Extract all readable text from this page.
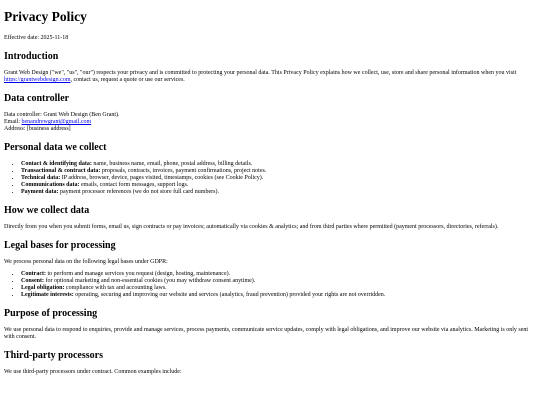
Privacy Policy

Effective date: 2025-11-18

Introduction

Grant Web Design ("we", "us", "our") respects your privacy and is committed to protecting your personal data. This Privacy Policy explains how we collect, use, store and share personal information when you visit https://grantwebdesign.com, contact us, request a quote or use our services.

Data controller

Data controller: Grant Web Design (Ben Grant).
Email: benandrewgrant@gmail.com
Address: [business address]

Personal data we collect
• Contact & identifying data: name, business name, email, phone, postal address, billing details.
• Transactional & contract data: proposals, contracts, invoices, payment confirmations, project notes.
• Technical data: IP address, browser, device, pages visited, timestamps, cookies (see Cookie Policy).
• Communications data: emails, contact form messages, support logs.
• Payment data: payment processor references (we do not store full card numbers).
How we collect data

Directly from you when you submit forms, email us, sign contracts or pay invoices; automatically via cookies & analytics; and from third parties where permitted (payment processors, directories, referrals).

Legal bases for processing

We process personal data on the following legal bases under GDPR:

• Contract: to perform and manage services you request (design, hosting, maintenance).
• Consent: for optional marketing and non-essential cookies (you may withdraw consent anytime).
• Legal obligation: compliance with tax and accounting laws.
• Legitimate interests: operating, securing and improving our website and services (analytics, fraud prevention) provided your rights are not overridden.
Purpose of processing

We use personal data to respond to enquiries, provide and manage services, process payments, communicate service updates, comply with legal obligations, and improve our website via analytics. Marketing is only sent with consent.

Third-party processors

We use third-party processors under contract. Common examples include:
